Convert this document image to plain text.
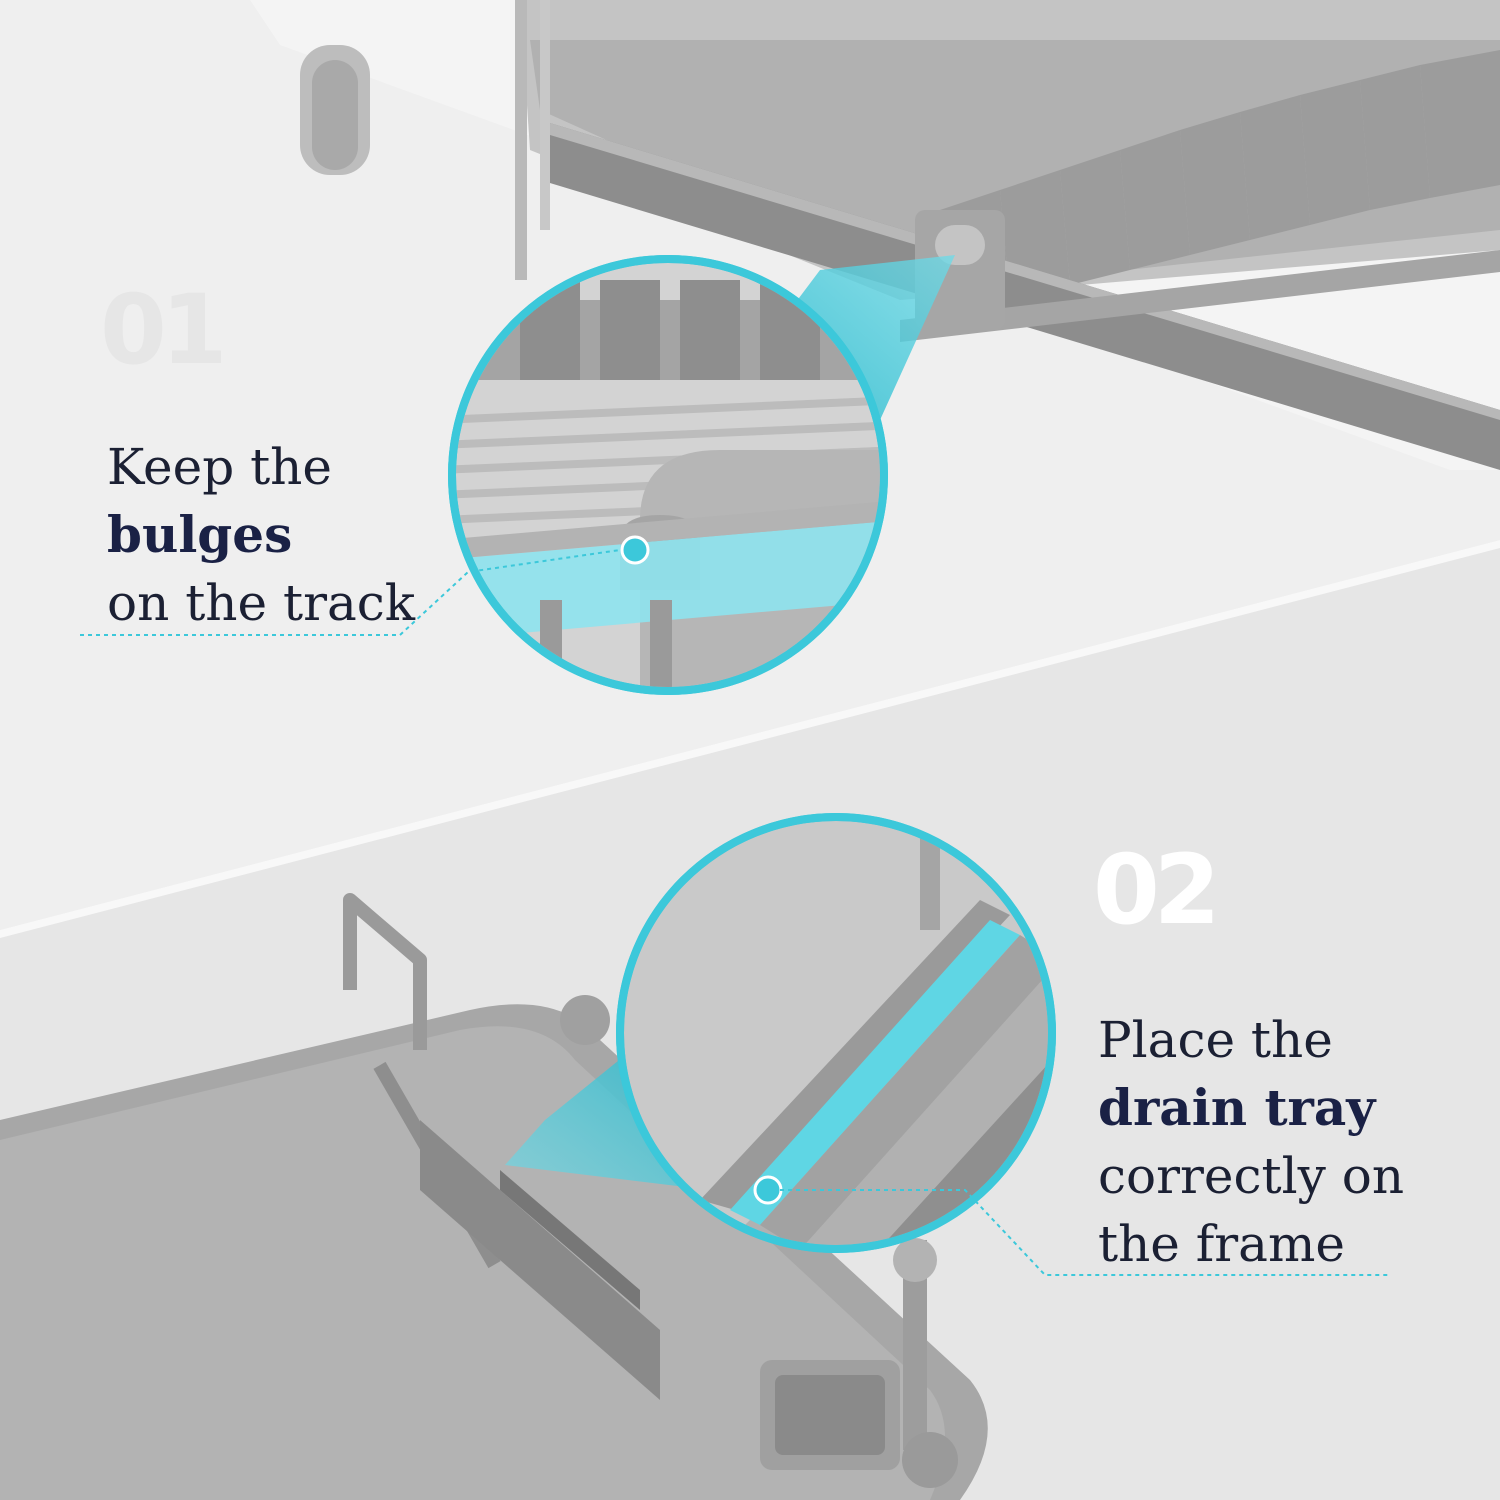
01
Keep the
bulges
on the track
02
Place the
drain tray
correctly on
the frame
